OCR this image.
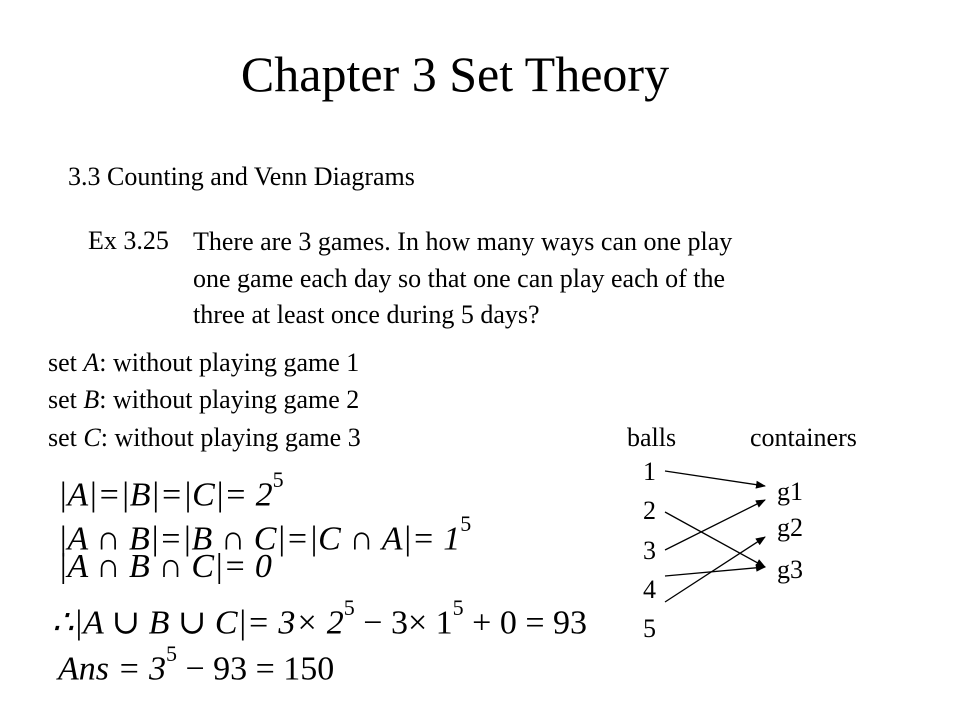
Chapter 3 Set Theory
3.3 Counting and Venn Diagrams
Ex 3.25 There are 3 games. In how many ways can one play
one game each day so that one can play each of the
three at least once during 5 days?
set A: without playing game 1
set B: without playing game 2
set C: without playing game 3
$|A|=|B|=|C|= 2^5$
|A ∩ B|=|B ∩ C|=|C ∩ $A|= 1^5$
|A ∩ B ∩ C|= 0
∴|A ∪ B ∪ $C|= 3\times 2^5 - 3\times 1^5 + 0 = 93$
Ans = $3^5 - 93 = 150$
balls	containers
1
2
3
4
5
g1
g2
g3
